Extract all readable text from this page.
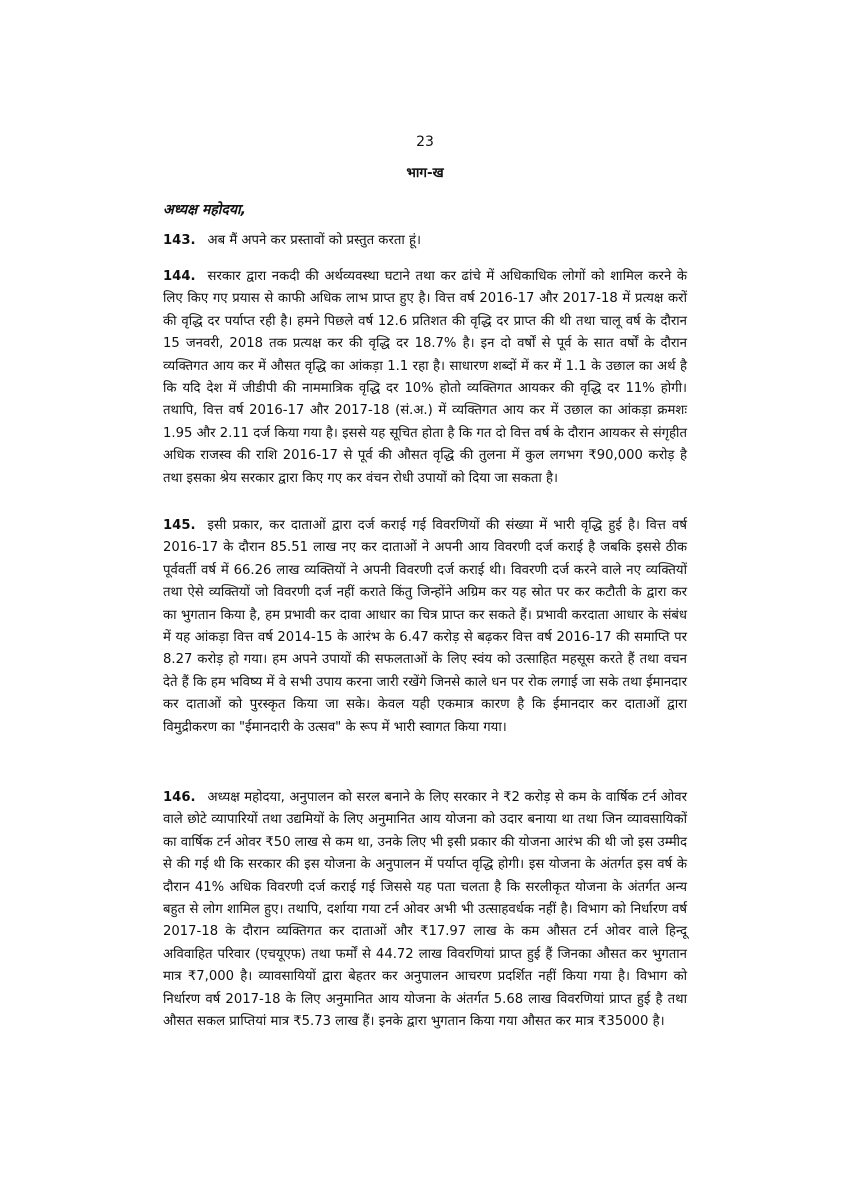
23
भाग-ख
अध्यक्ष महोदया,

143. अब मैं अपने कर प्रस्तावों को प्रस्तुत करता हूं।

144. सरकार द्वारा नकदी की अर्थव्यवस्था घटाने तथा कर ढांचे में अधिकाधिक लोगों को शामिल करने के लिए किए गए प्रयास से काफी अधिक लाभ प्राप्त हुए है। वित्त वर्ष 2016-17 और 2017-18 में प्रत्यक्ष करों की वृद्धि दर पर्याप्त रही है। हमने पिछले वर्ष 12.6 प्रतिशत की वृद्धि दर प्राप्त की थी तथा चालू वर्ष के दौरान 15 जनवरी, 2018 तक प्रत्यक्ष कर की वृद्धि दर 18.7% है। इन दो वर्षों से पूर्व के सात वर्षों के दौरान व्यक्तिगत आय कर में औसत वृद्धि का आंकड़ा 1.1 रहा है। साधारण शब्दों में कर में 1.1 के उछाल का अर्थ है कि यदि देश में जीडीपी की नाममात्रिक वृद्धि दर 10% होतो व्यक्तिगत आयकर की वृद्धि दर 11% होगी। तथापि, वित्त वर्ष 2016-17 और 2017-18 (सं.अ.) में व्यक्तिगत आय कर में उछाल का आंकड़ा क्रमशः 1.95 और 2.11 दर्ज किया गया है। इससे यह सूचित होता है कि गत दो वित्त वर्ष के दौरान आयकर से संगृहीत अधिक राजस्व की राशि 2016-17 से पूर्व की औसत वृद्धि की तुलना में कुल लगभग ₹90,000 करोड़ है तथा इसका श्रेय सरकार द्वारा किए गए कर वंचन रोधी उपायों को दिया जा सकता है।

145. इसी प्रकार, कर दाताओं द्वारा दर्ज कराई गई विवरणियों की संख्या में भारी वृद्धि हुई है। वित्त वर्ष 2016-17 के दौरान 85.51 लाख नए कर दाताओं ने अपनी आय विवरणी दर्ज कराई है जबकि इससे ठीक पूर्ववर्ती वर्ष में 66.26 लाख व्यक्तियों ने अपनी विवरणी दर्ज कराई थी। विवरणी दर्ज करने वाले नए व्यक्तियों तथा ऐसे व्यक्तियों जो विवरणी दर्ज नहीं कराते किंतु जिन्होंने अग्रिम कर यह स्रोत पर कर कटौती के द्वारा कर का भुगतान किया है, हम प्रभावी कर दावा आधार का चित्र प्राप्त कर सकते हैं। प्रभावी करदाता आधार के संबंध में यह आंकड़ा वित्त वर्ष 2014-15 के आरंभ के 6.47 करोड़ से बढ़कर वित्त वर्ष 2016-17 की समाप्ति पर 8.27 करोड़ हो गया। हम अपने उपायों की सफलताओं के लिए स्वंय को उत्साहित महसूस करते हैं तथा वचन देते हैं कि हम भविष्य में वे सभी उपाय करना जारी रखेंगे जिनसे काले धन पर रोक लगाई जा सके तथा ईमानदार कर दाताओं को पुरस्कृत किया जा सके। केवल यही एकमात्र कारण है कि ईमानदार कर दाताओं द्वारा विमुद्रीकरण का "ईमानदारी के उत्सव" के रूप में भारी स्वागत किया गया।

146. अध्यक्ष महोदया, अनुपालन को सरल बनाने के लिए सरकार ने ₹2 करोड़ से कम के वार्षिक टर्न ओवर वाले छोटे व्यापारियों तथा उद्यमियों के लिए अनुमानित आय योजना को उदार बनाया था तथा जिन व्यावसायिकों का वार्षिक टर्न ओवर ₹50 लाख से कम था, उनके लिए भी इसी प्रकार की योजना आरंभ की थी जो इस उम्मीद से की गई थी कि सरकार की इस योजना के अनुपालन में पर्याप्त वृद्धि होगी। इस योजना के अंतर्गत इस वर्ष के दौरान 41% अधिक विवरणी दर्ज कराई गई जिससे यह पता चलता है कि सरलीकृत योजना के अंतर्गत अन्य बहुत से लोग शामिल हुए। तथापि, दर्शाया गया टर्न ओवर अभी भी उत्साहवर्धक नहीं है। विभाग को निर्धारण वर्ष 2017-18 के दौरान व्यक्तिगत कर दाताओं और ₹17.97 लाख के कम औसत टर्न ओवर वाले हिन्दू अविवाहित परिवार (एचयूएफ) तथा फर्मों से 44.72 लाख विवरणियां प्राप्त हुई हैं जिनका औसत कर भुगतान मात्र ₹7,000 है। व्यावसायियों द्वारा बेहतर कर अनुपालन आचरण प्रदर्शित नहीं किया गया है। विभाग को निर्धारण वर्ष 2017-18 के लिए अनुमानित आय योजना के अंतर्गत 5.68 लाख विवरणियां प्राप्त हुई है तथा औसत सकल प्राप्तियां मात्र ₹5.73 लाख हैं। इनके द्वारा भुगतान किया गया औसत कर मात्र ₹35000 है।
